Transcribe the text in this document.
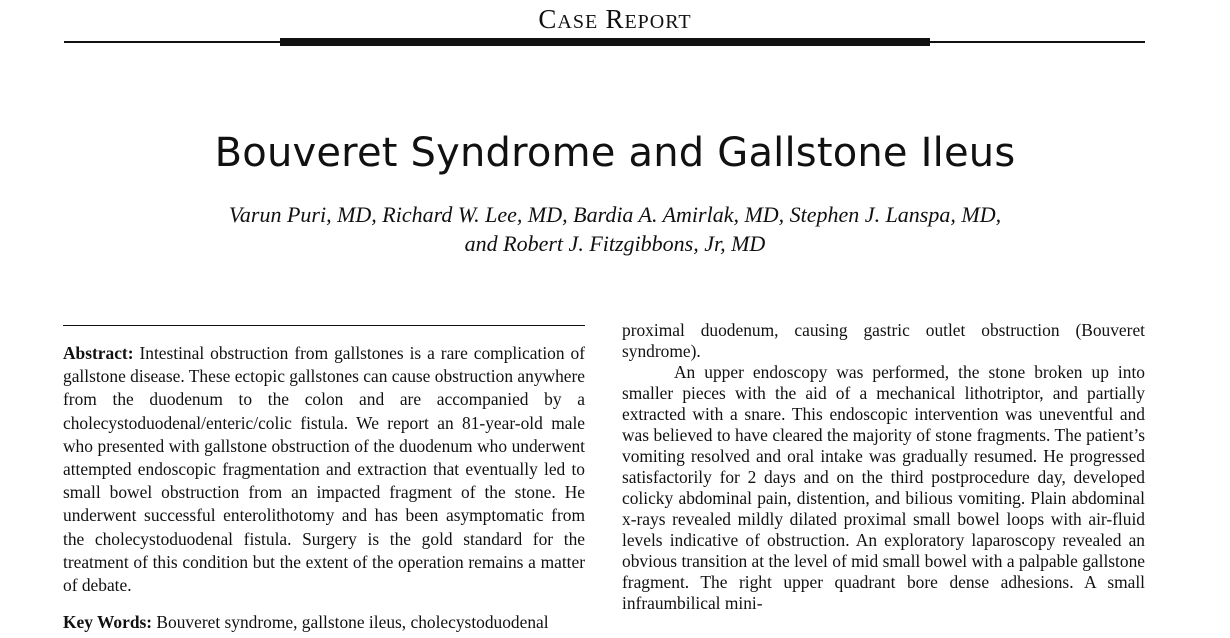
CASE REPORT
Bouveret Syndrome and Gallstone Ileus
Varun Puri, MD, Richard W. Lee, MD, Bardia A. Amirlak, MD, Stephen J. Lanspa, MD,
and Robert J. Fitzgibbons, Jr, MD

Abstract: Intestinal obstruction from gallstones is a rare complication of gallstone disease. These ectopic gallstones can cause obstruction anywhere from the duodenum to the colon and are accompanied by a cholecystoduodenal/enteric/colic fistula. We report an 81-year-old male who presented with gallstone obstruction of the duodenum who underwent attempted endoscopic fragmentation and extraction that eventually led to small bowel obstruction from an impacted fragment of the stone. He underwent successful enterolithotomy and has been asymptomatic from the cholecystoduodenal fistula. Surgery is the gold standard for the treatment of this condition but the extent of the operation remains a matter of debate.

Key Words: Bouveret syndrome, gallstone ileus, cholecystoduodenal

proximal duodenum, causing gastric outlet obstruction (Bouveret syndrome).

An upper endoscopy was performed, the stone broken up into smaller pieces with the aid of a mechanical lithotriptor, and partially extracted with a snare. This endoscopic intervention was uneventful and was believed to have cleared the majority of stone fragments. The patient’s vomiting resolved and oral intake was gradually resumed. He progressed satisfactorily for 2 days and on the third postprocedure day, developed colicky abdominal pain, distention, and bilious vomiting. Plain abdominal x-rays revealed mildly dilated proximal small bowel loops with air-fluid levels indicative of obstruction. An exploratory laparoscopy revealed an obvious transition at the level of mid small bowel with a palpable gallstone fragment. The right upper quadrant bore dense adhesions. A small infraumbilical mini-
